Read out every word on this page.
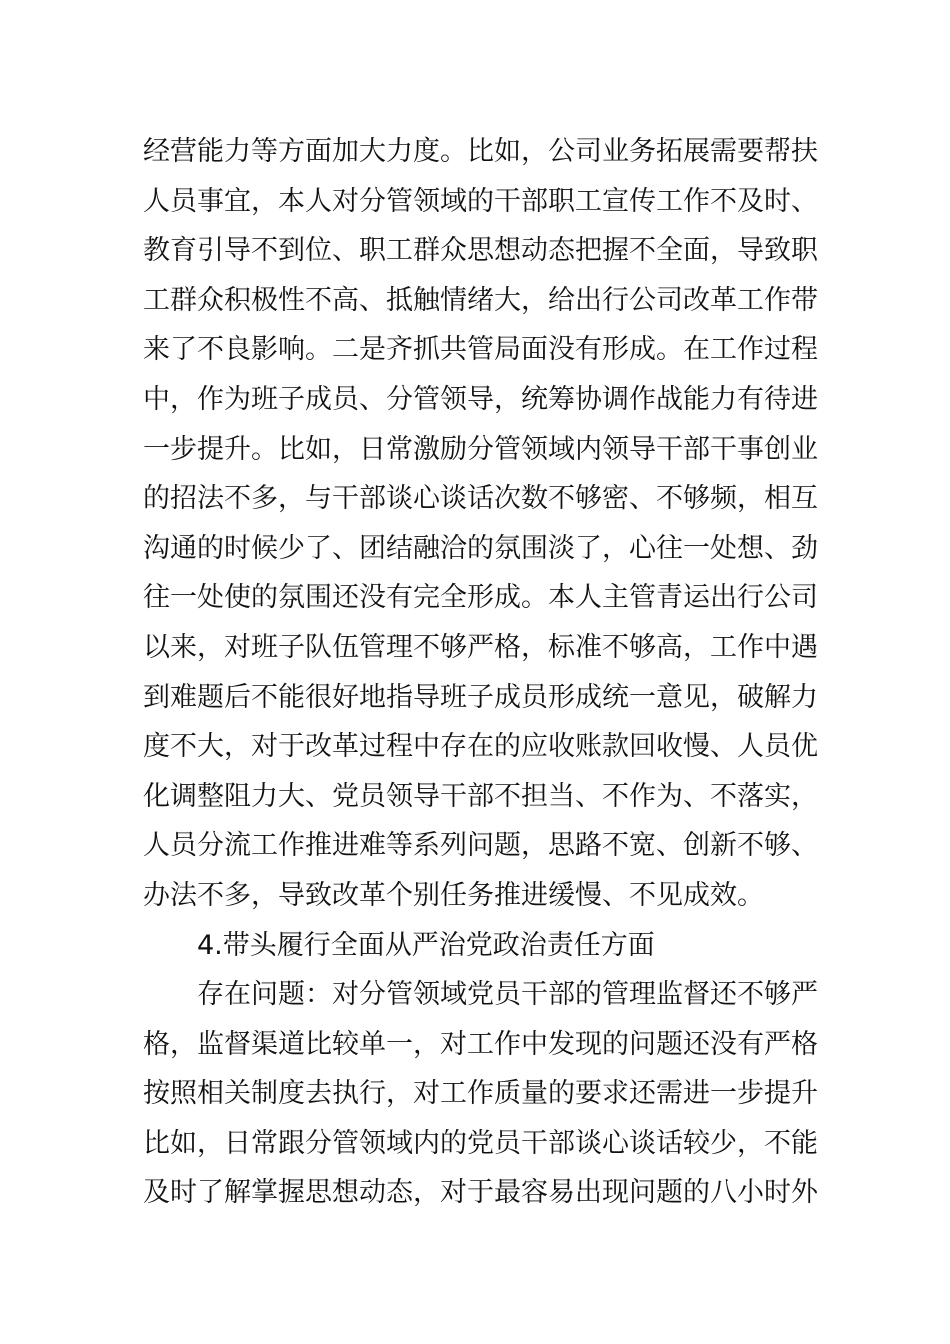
经营能力等方面加大力度。比如，公司业务拓展需要帮扶
人员事宜，本人对分管领域的干部职工宣传工作不及时、
教育引导不到位、职工群众思想动态把握不全面，导致职
工群众积极性不高、抵触情绪大，给出行公司改革工作带
来了不良影响。二是齐抓共管局面没有形成。在工作过程
中，作为班子成员、分管领导，统筹协调作战能力有待进
一步提升。比如，日常激励分管领域内领导干部干事创业
的招法不多，与干部谈心谈话次数不够密、不够频，相互
沟通的时候少了、团结融洽的氛围淡了，心往一处想、劲
往一处使的氛围还没有完全形成。本人主管青运出行公司
以来，对班子队伍管理不够严格，标准不够高，工作中遇
到难题后不能很好地指导班子成员形成统一意见，破解力
度不大，对于改革过程中存在的应收账款回收慢、人员优
化调整阻力大、党员领导干部不担当、不作为、不落实，
人员分流工作推进难等系列问题，思路不宽、创新不够、
办法不多，导致改革个别任务推进缓慢、不见成效。
4.带头履行全面从严治党政治责任方面
存在问题：对分管领域党员干部的管理监督还不够严
格，监督渠道比较单一，对工作中发现的问题还没有严格
按照相关制度去执行，对工作质量的要求还需进一步提升
比如，日常跟分管领域内的党员干部谈心谈话较少，不能
及时了解掌握思想动态，对于最容易出现问题的八小时外
